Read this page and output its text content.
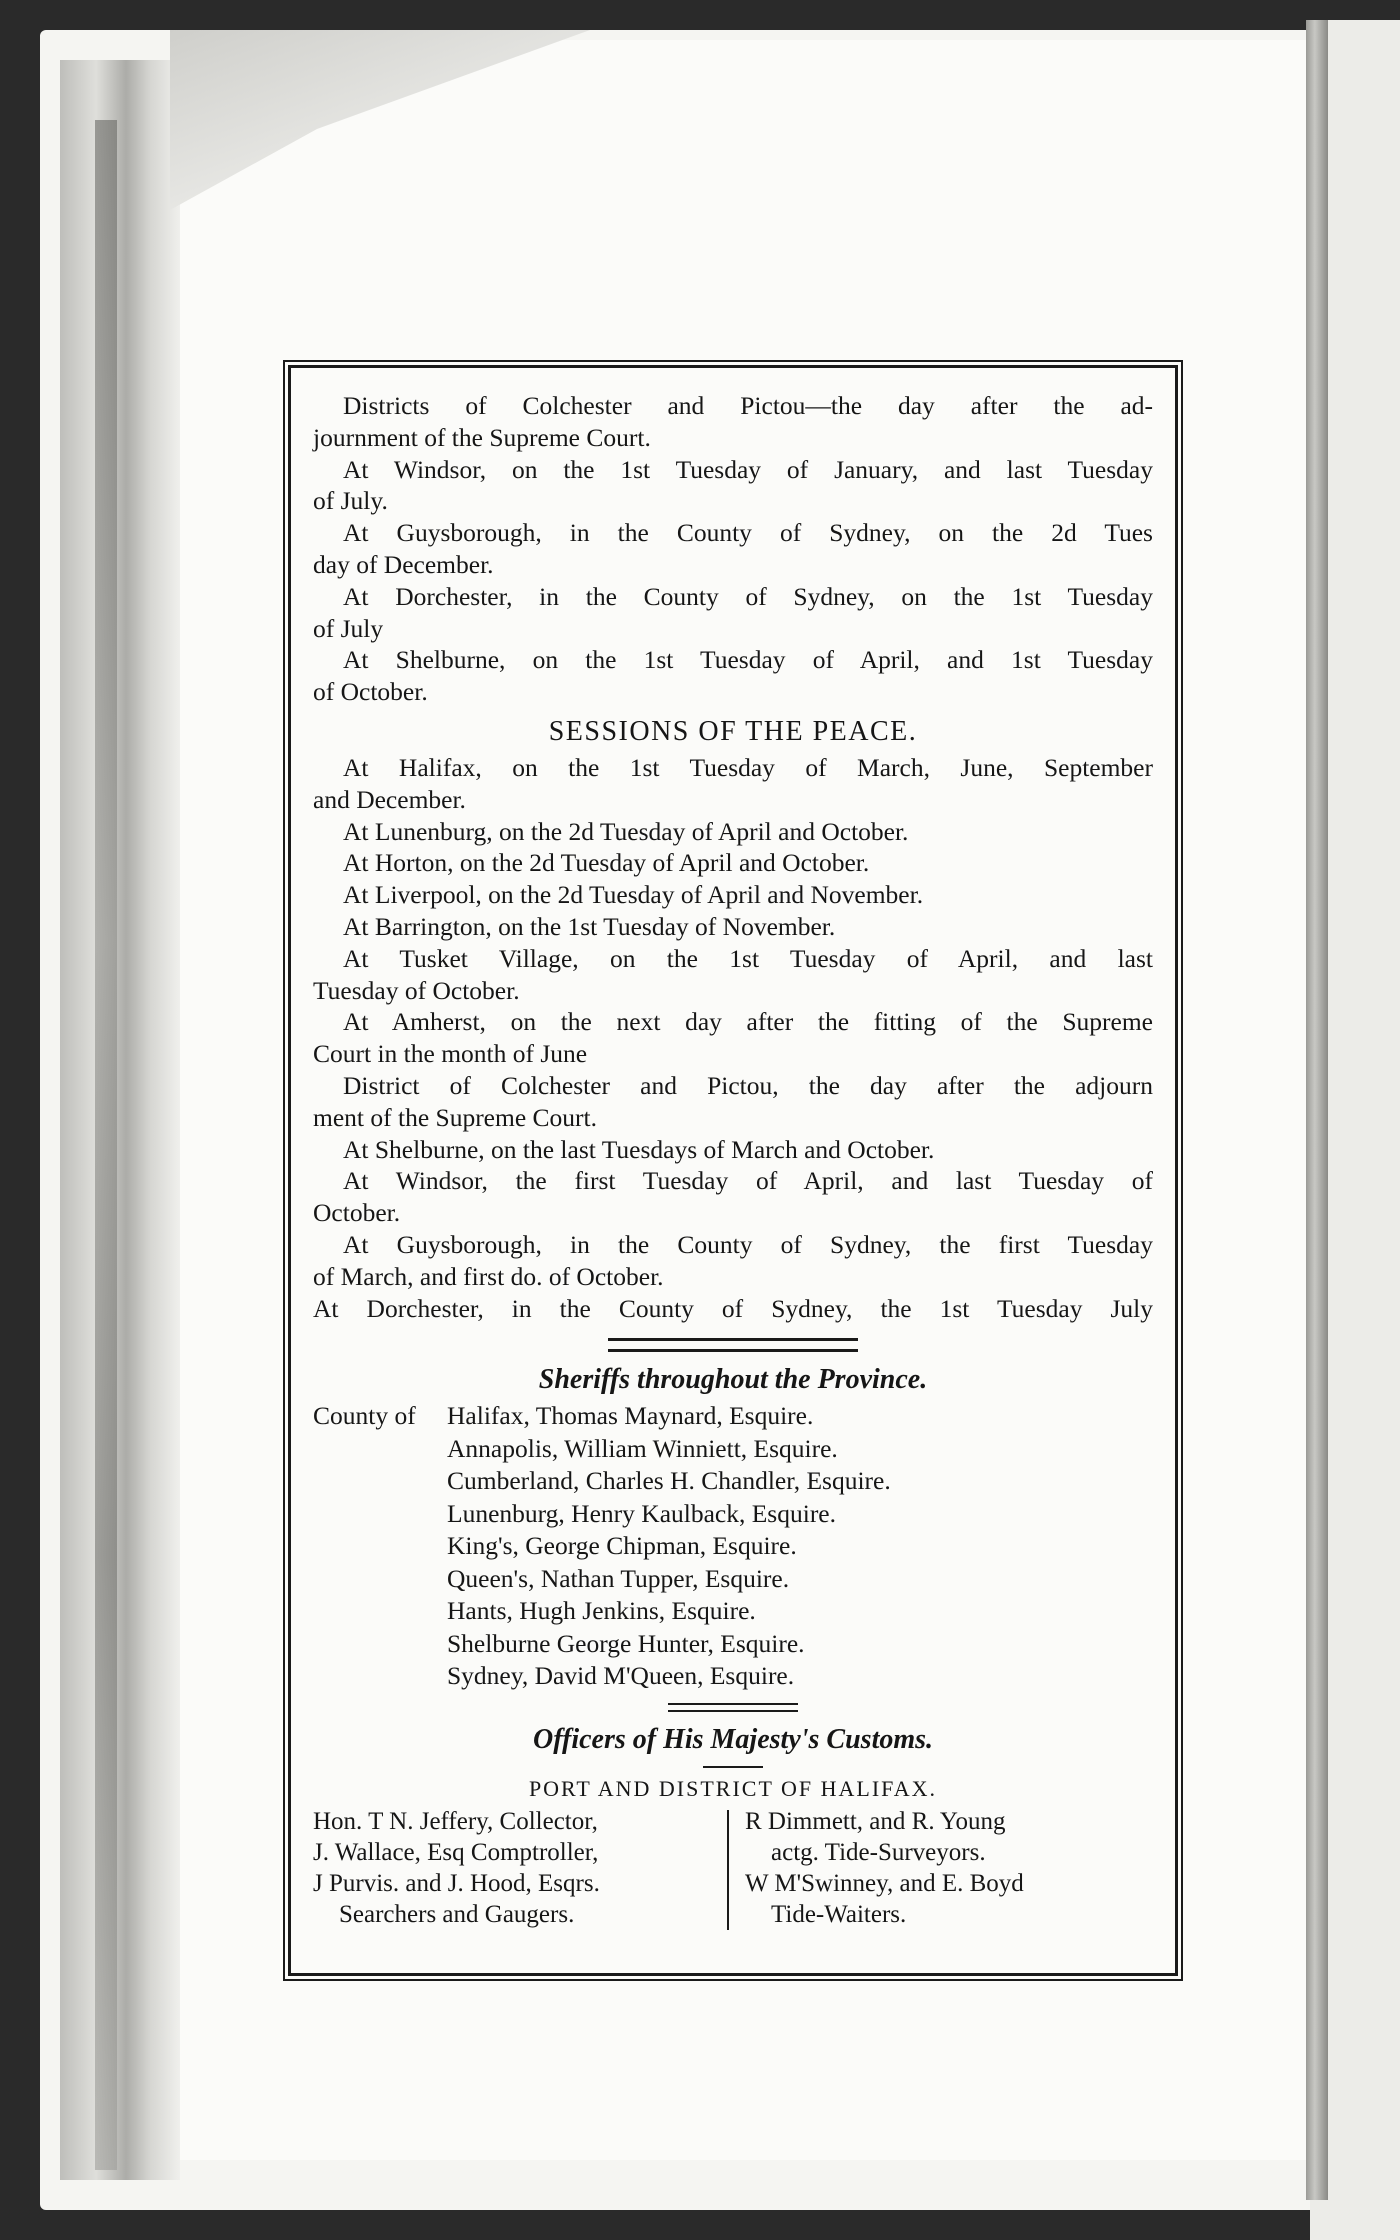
Districts of Colchester and Pictou—the day after the ad-
journment of the Supreme Court.
At Windsor, on the 1st Tuesday of January, and last Tuesday
of July.
At Guysborough, in the County of Sydney, on the 2d Tues
day of December.
At Dorchester, in the County of Sydney, on the 1st Tuesday
of July
At Shelburne, on the 1st Tuesday of April, and 1st Tuesday
of October.
SESSIONS OF THE PEACE.
At Halifax, on the 1st Tuesday of March, June, September
and December.
At Lunenburg, on the 2d Tuesday of April and October.
At Horton, on the 2d Tuesday of April and October.
At Liverpool, on the 2d Tuesday of April and November.
At Barrington, on the 1st Tuesday of November.
At Tusket Village, on the 1st Tuesday of April, and last
Tuesday of October.
At Amherst, on the next day after the fitting of the Supreme
Court in the month of June
District of Colchester and Pictou, the day after the adjourn
ment of the Supreme Court.
At Shelburne, on the last Tuesdays of March and October.
At Windsor, the first Tuesday of April, and last Tuesday of
October.
At Guysborough, in the County of Sydney, the first Tuesday
of March, and first do. of October.
At Dorchester, in the County of Sydney, the 1st Tuesday July
Sheriffs throughout the Province.
County of Halifax, Thomas Maynard, Esquire.
Annapolis, William Winniett, Esquire.
Cumberland, Charles H. Chandler, Esquire.
Lunenburg, Henry Kaulback, Esquire.
King's, George Chipman, Esquire.
Queen's, Nathan Tupper, Esquire.
Hants, Hugh Jenkins, Esquire.
Shelburne George Hunter, Esquire.
Sydney, David M'Queen, Esquire.
Officers of His Majesty's Customs.
PORT AND DISTRICT OF HALIFAX.
Hon. T N. Jeffery, Collector,
J. Wallace, Esq Comptroller,
J Purvis. and J. Hood, Esqrs.
Searchers and Gaugers.
R Dimmett, and R. Young
actg. Tide-Surveyors.
W M'Swinney, and E. Boyd
Tide-Waiters.
